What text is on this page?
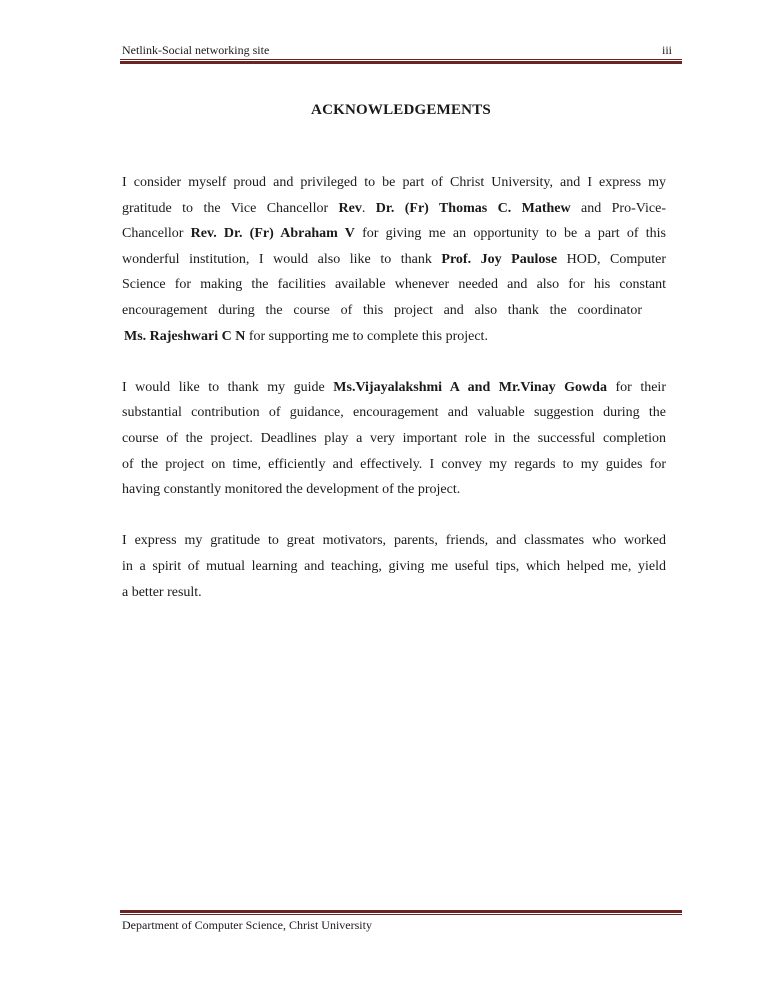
Netlink-Social networking site	iii
ACKNOWLEDGEMENTS
I consider myself proud and privileged to be part of Christ University, and I express my
gratitude to the Vice Chancellor Rev. Dr. (Fr) Thomas C. Mathew and Pro-Vice-
Chancellor Rev. Dr. (Fr) Abraham V for giving me an opportunity to be a part of this
wonderful institution, I would also like to thank Prof. Joy Paulose HOD, Computer
Science for making the facilities available whenever needed and also for his constant
encouragement during the course of this project and also thank the coordinator
Ms. Rajeshwari C N for supporting me to complete this project.
I would like to thank my guide Ms.Vijayalakshmi A and Mr.Vinay Gowda for their
substantial contribution of guidance, encouragement and valuable suggestion during the
course of the project. Deadlines play a very important role in the successful completion
of the project on time, efficiently and effectively. I convey my regards to my guides for
having constantly monitored the development of the project.
I express my gratitude to great motivators, parents, friends, and classmates who worked
in a spirit of mutual learning and teaching, giving me useful tips, which helped me, yield
a better result.
Department of Computer Science, Christ University
